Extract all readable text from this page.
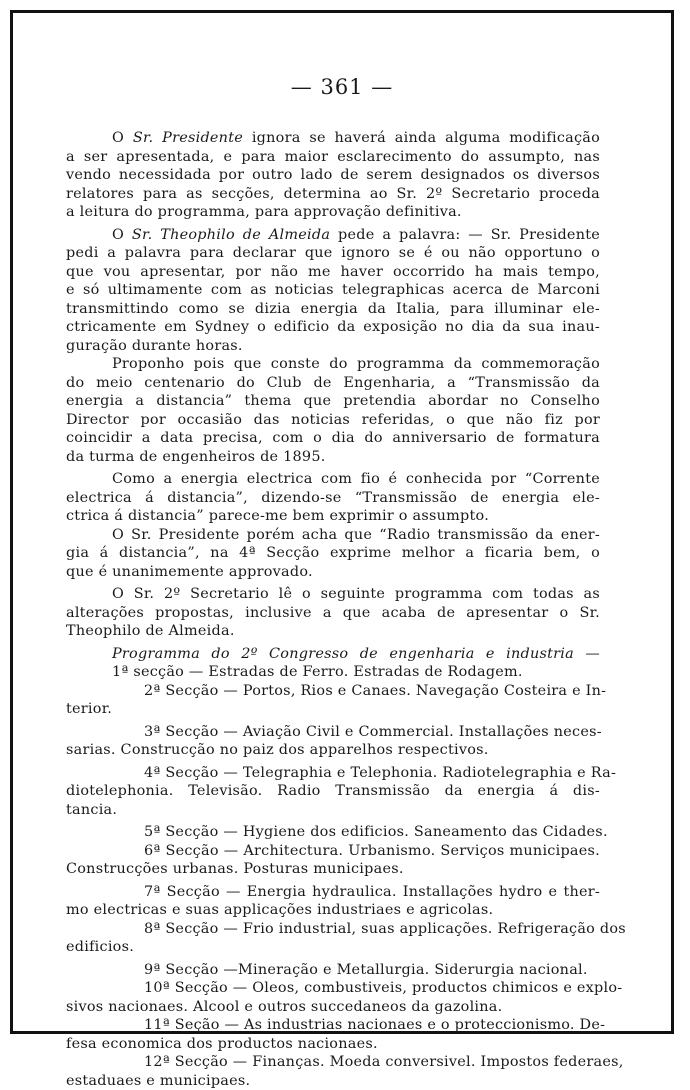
— 361 —
O Sr. Presidente ignora se haverá ainda alguma modificação
a ser apresentada, e para maior esclarecimento do assumpto, nas
vendo necessidada por outro lado de serem designados os diversos
relatores para as secções, determina ao Sr. 2º Secretario proceda
a leitura do programma, para approvação definitiva.
O Sr. Theophilo de Almeida pede a palavra: — Sr. Presidente
pedi a palavra para declarar que ignoro se é ou não opportuno o
que vou apresentar, por não me haver occorrido ha mais tempo,
e só ultimamente com as noticias telegraphicas acerca de Marconi
transmittindo como se dizia energia da Italia, para illuminar ele-
ctricamente em Sydney o edificio da exposição no dia da sua inau-
guração durante horas.
Proponho pois que conste do programma da commemoração
do meio centenario do Club de Engenharia, a “Transmissão da
energia a distancia” thema que pretendia abordar no Conselho
Director por occasião das noticias referidas, o que não fiz por
coincidir a data precisa, com o dia do anniversario de formatura
da turma de engenheiros de 1895.
Como a energia electrica com fio é conhecida por “Corrente
electrica á distancia”, dizendo-se “Transmissão de energia ele-
ctrica á distancia” parece-me bem exprimir o assumpto.
O Sr. Presidente porém acha que “Radio transmissão da ener-
gia á distancia”, na 4ª Secção exprime melhor a ficaria bem, o
que é unanimemente approvado.
O Sr. 2º Secretario lê o seguinte programma com todas as
alterações propostas, inclusive a que acaba de apresentar o Sr.
Theophilo de Almeida.
Programma do 2º Congresso de engenharia e industria —
1ª secção — Estradas de Ferro. Estradas de Rodagem.
2ª Secção — Portos, Rios e Canaes. Navegação Costeira e In-
terior.
3ª Secção — Aviação Civil e Commercial. Installações neces-
sarias. Construcção no paiz dos apparelhos respectivos.
4ª Secção — Telegraphia e Telephonia. Radiotelegraphia e Ra-
diotelephonia. Televisão. Radio Transmissão da energia á dis-
tancia.
5ª Secção — Hygiene dos edificios. Saneamento das Cidades.
6ª Secção — Architectura. Urbanismo. Serviços municipaes.
Construcções urbanas. Posturas municipaes.
7ª Secção — Energia hydraulica. Installações hydro e ther-
mo electricas e suas applicações industriaes e agricolas.
8ª Secção — Frio industrial, suas applicações. Refrigeração dos
edificios.
9ª Secção —Mineração e Metallurgia. Siderurgia nacional.
10ª Secção — Oleos, combustiveis, productos chimicos e explo-
sivos nacionaes. Alcool e outros succedaneos da gazolina.
11ª Seção — As industrias nacionaes e o proteccionismo. De-
fesa economica dos productos nacionaes.
12ª Secção — Finanças. Moeda conversivel. Impostos federaes,
estaduaes e municipaes.
